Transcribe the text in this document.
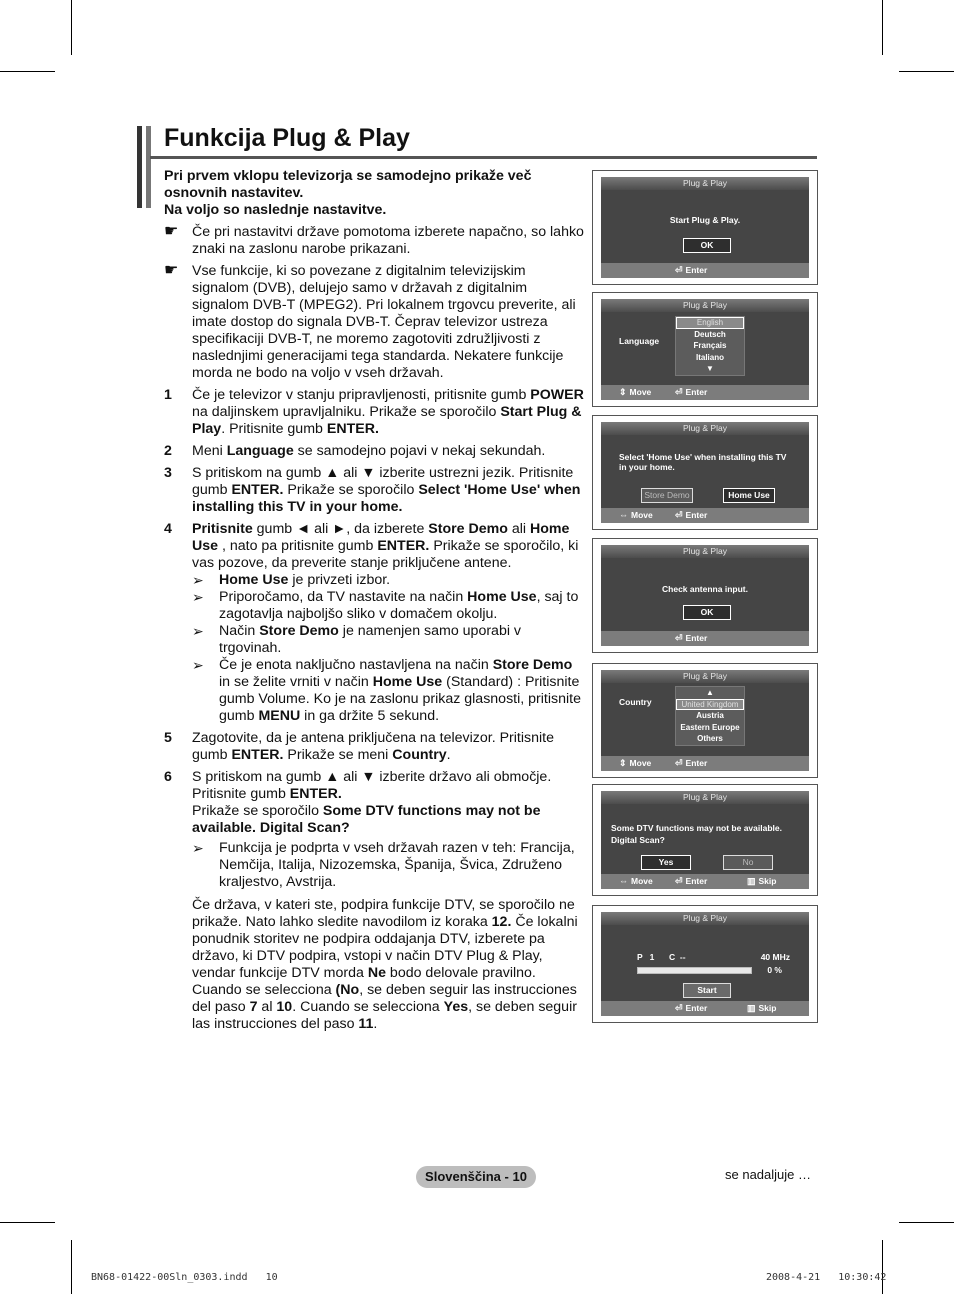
Funkcija Plug & Play

Pri prvem vklopu televizorja se samodejno prikaže več osnovnih nastavitev.

Na voljo so naslednje nastavitve.

☛ Če pri nastavitvi države pomotoma izberete napačno, so lahko znaki na zaslonu narobe prikazani.

☛ Vse funkcije, ki so povezane z digitalnim televizijskim signalom (DVB), delujejo samo v državah z digitalnim signalom DVB-T (MPEG2). Pri lokalnem trgovcu preverite, ali imate dostop do signala DVB-T. Čeprav televizor ustreza specifikaciji DVB-T, ne moremo zagotoviti združljivosti z naslednjimi generacijami tega standarda. Nekatere funkcije morda ne bodo na voljo v vseh državah.

1 Če je televizor v stanju pripravljenosti, pritisnite gumb POWER na daljinskem upravljalniku. Prikaže se sporočilo Start Plug & Play. Pritisnite gumb ENTER.

2 Meni Language se samodejno pojavi v nekaj sekundah.

3 S pritiskom na gumb ▲ ali ▼ izberite ustrezni jezik. Pritisnite gumb ENTER. Prikaže se sporočilo Select 'Home Use' when installing this TV in your home.

4 Pritisnite gumb ◄ ali ►, da izberete Store Demo ali Home Use , nato pa pritisnite gumb ENTER. Prikaže se sporočilo, ki vas pozove, da preverite stanje priključene antene.

➢ Home Use je privzeti izbor.
➢ Priporočamo, da TV nastavite na način Home Use, saj to zagotavlja najboljšo sliko v domačem okolju.
➢ Način Store Demo je namenjen samo uporabi v trgovinah.
➢ Če je enota naključno nastavljena na način Store Demo in se želite vrniti v način Home Use (Standard) : Pritisnite gumb Volume. Ko je na zaslonu prikaz glasnosti, pritisnite gumb MENU in ga držite 5 sekund.

5 Zagotovite, da je antena priključena na televizor. Pritisnite gumb ENTER. Prikaže se meni Country.

6 S pritiskom na gumb ▲ ali ▼ izberite državo ali območje. Pritisnite gumb ENTER.
Prikaže se sporočilo Some DTV functions may not be available. Digital Scan?

➢ Funkcija je podprta v vseh državah razen v teh: Francija, Nemčija, Italija, Nizozemska, Španija, Švica, Združeno kraljestvo, Avstrija.

Če država, v kateri ste, podpira funkcije DTV, se sporočilo ne prikaže. Nato lahko sledite navodilom iz koraka 12. Če lokalni ponudnik storitev ne podpira oddajanja DTV, izberete pa državo, ki DTV podpira, vstopi v način DTV Plug & Play, vendar funkcije DTV morda Ne bodo delovale pravilno. Cuando se selecciona (No, se deben seguir las instrucciones del paso 7 al 10. Cuando se selecciona Yes, se deben seguir las instrucciones del paso 11.

Plug & Play
Start Plug & Play.
OK
⏎ Enter
Plug & Play
Language
English
Deutsch
Français
Italiano
▼
⇕ Move	⏎ Enter
Plug & Play
Select 'Home Use' when installing this TV in your home.
Store Demo	Home Use
⇔ Move ⏎ Enter
Plug & Play
Check antenna input.
OK
⏎ Enter
Plug & Play
Country
▲
United Kingdom
Austria
Eastern Europe
Others
⇕ Move	⏎ Enter
Plug & Play
Some DTV functions may not be available. Digital Scan?
Yes	No
⇔ Move ⏎ Enter	▥ Skip
Plug & Play
P   1 C  --	40 MHz
0 %
Start
⏎ Enter	▥ Skip
Slovenščina - 10	se nadaljuje …
BN68-01422-00Sln_0303.indd   10	2008-4-21   10:30:42
